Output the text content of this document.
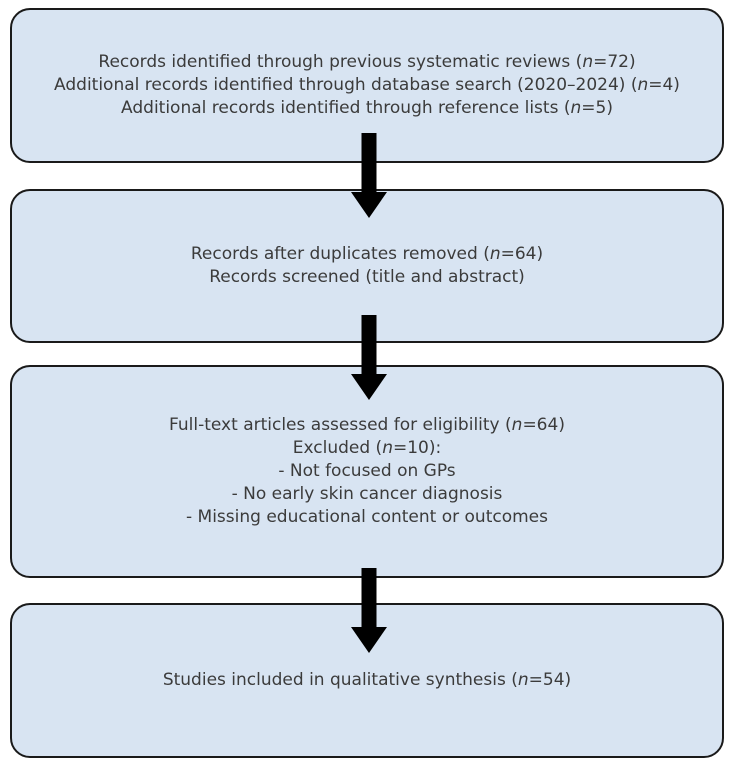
Records identified through previous systematic reviews (n=72)
Additional records identified through database search (2020–2024) (n=4)
Additional records identified through reference lists (n=5)
Records after duplicates removed (n=64)
Records screened (title and abstract)
Full-text articles assessed for eligibility (n=64)
Excluded (n=10):
- Not focused on GPs
- No early skin cancer diagnosis
- Missing educational content or outcomes
Studies included in qualitative synthesis (n=54)
